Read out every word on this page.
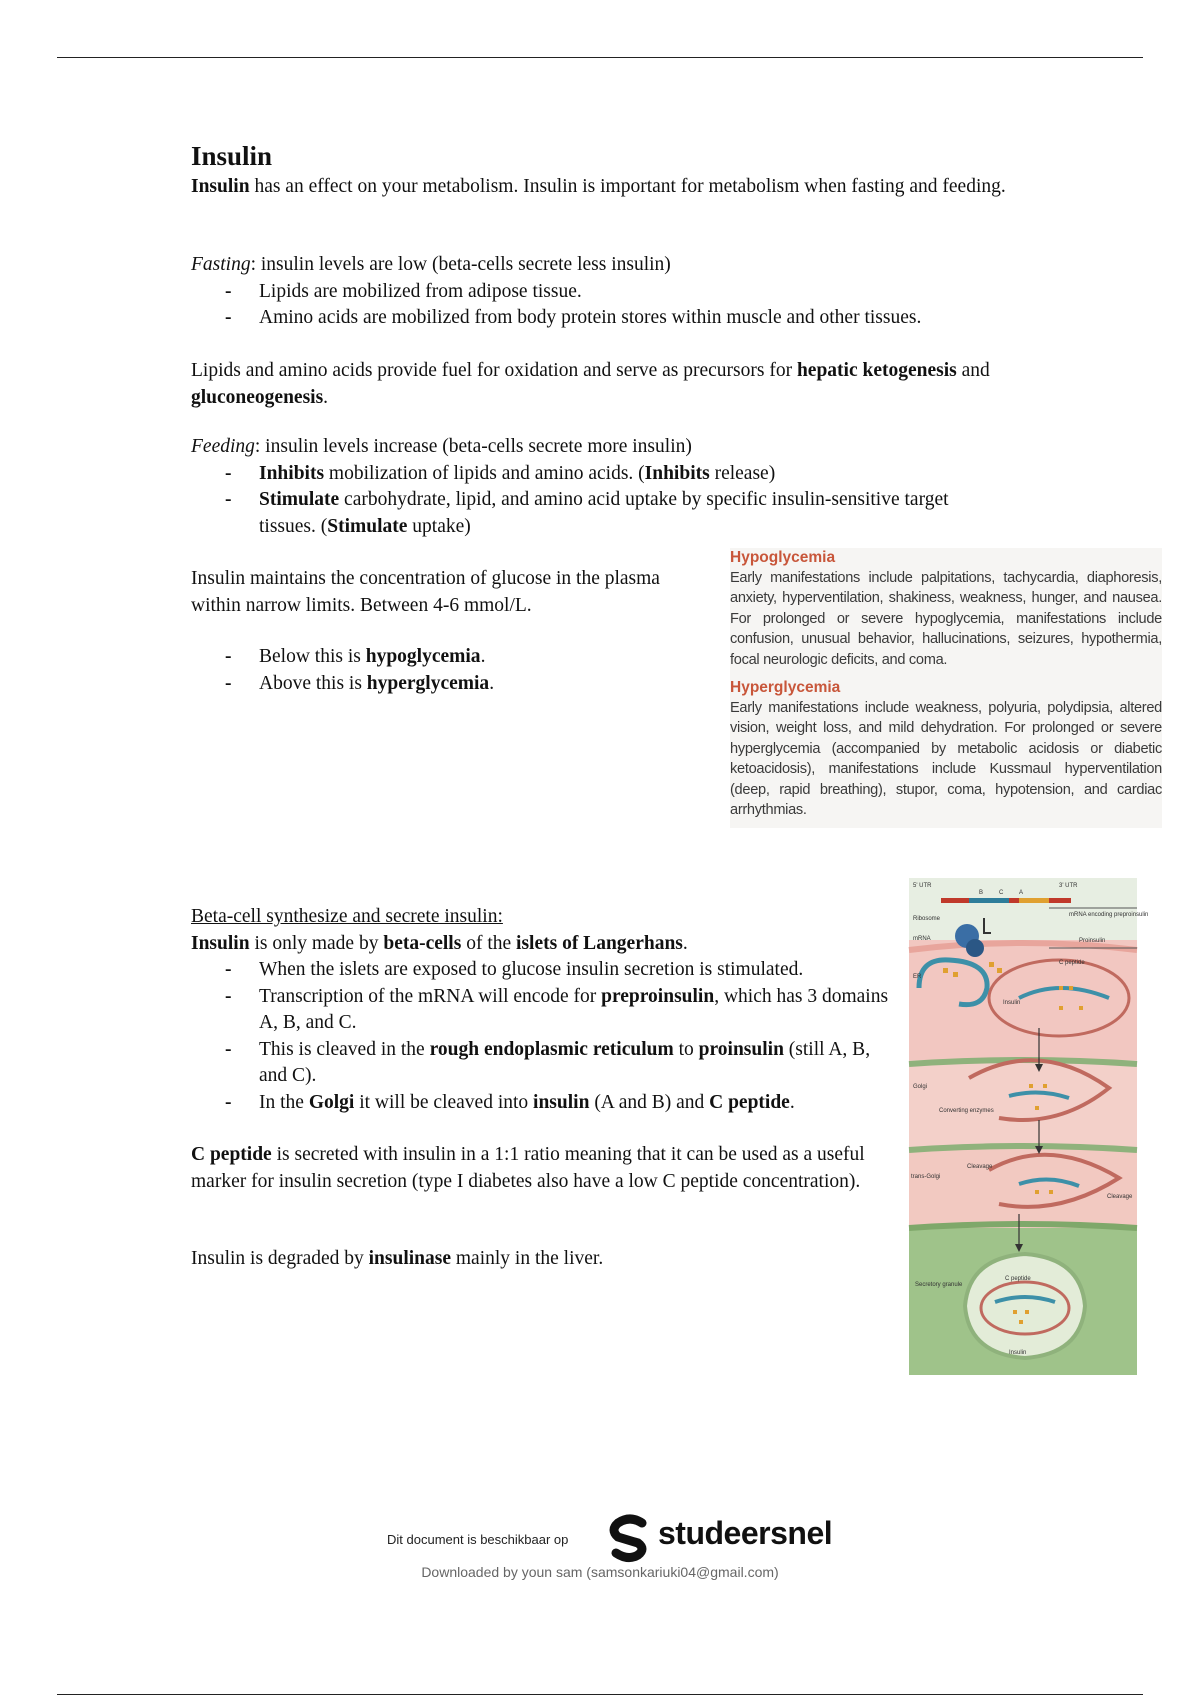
Insulin

Insulin has an effect on your metabolism. Insulin is important for metabolism when fasting and feeding.

Fasting: insulin levels are low (beta-cells secrete less insulin)

- Lipids are mobilized from adipose tissue.
- Amino acids are mobilized from body protein stores within muscle and other tissues.

Lipids and amino acids provide fuel for oxidation and serve as precursors for hepatic ketogenesis and gluconeogenesis.

Feeding: insulin levels increase (beta-cells secrete more insulin)

- Inhibits mobilization of lipids and amino acids. (Inhibits release)
- Stimulate carbohydrate, lipid, and amino acid uptake by specific insulin-sensitive target tissues. (Stimulate uptake)

Insulin maintains the concentration of glucose in the plasma within narrow limits. Between 4-6 mmol/L.

- Below this is hypoglycemia.
- Above this is hyperglycemia.
Hypoglycemia
Early manifestations include palpitations, tachycardia, diaphoresis, anxiety, hyperventilation, shakiness, weakness, hunger, and nausea. For prolonged or severe hypoglycemia, manifestations include confusion, unusual behavior, hallucinations, seizures, hypothermia, focal neurologic deficits, and coma.
Hyperglycemia
Early manifestations include weakness, polyuria, polydipsia, altered vision, weight loss, and mild dehydration. For prolonged or severe hyperglycemia (accompanied by metabolic acidosis or diabetic ketoacidosis), manifestations include Kussmaul hyperventilation (deep, rapid breathing), stupor, coma, hypotension, and cardiac arrhythmias.

Beta-cell synthesize and secrete insulin:

Insulin is only made by beta-cells of the islets of Langerhans.

- When the islets are exposed to glucose insulin secretion is stimulated.
- Transcription of the mRNA will encode for preproinsulin, which has 3 domains A, B, and C.
- This is cleaved in the rough endoplasmic reticulum to proinsulin (still A, B, and C).
- In the Golgi it will be cleaved into insulin (A and B) and C peptide.

C peptide is secreted with insulin in a 1:1 ratio meaning that it can be used as a useful marker for insulin secretion (type I diabetes also have a low C peptide concentration).

Insulin is degraded by insulinase mainly in the liver.

5' UTR	3' UTR
B	C	A
Ribosome
mRNA
mRNA encoding preproinsulin
Proinsulin
C peptide
ER
Insulin
Golgi
Converting enzymes
Cleavage
Cleavage
trans-Golgi
Secretory granule
C peptide
Insulin
Dit document is beschikbaar op	studeersnel
Downloaded by youn sam (samsonkariuki04@gmail.com)
